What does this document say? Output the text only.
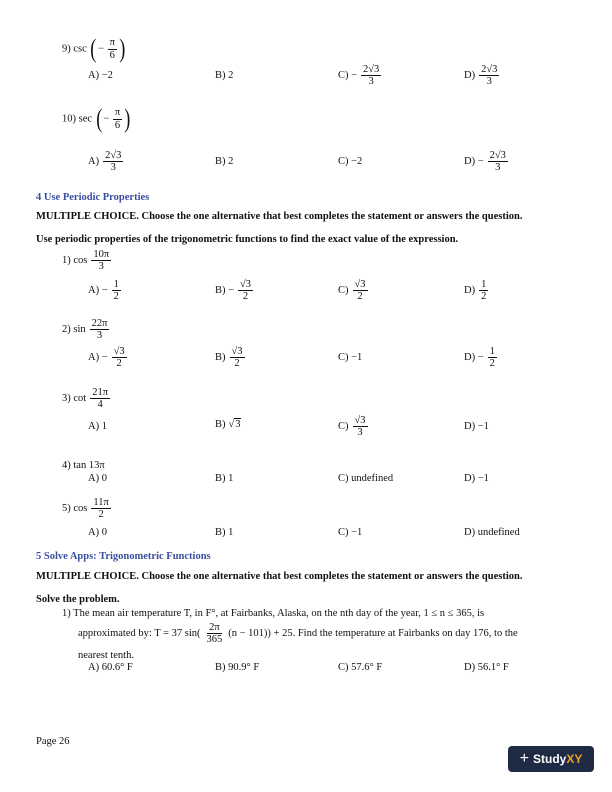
9) csc (− $\frac{\pi}{6}$ )
A) −2	B) 2	$C) - \frac{2√3}{3}$	$D) \frac{2√3}{3}$
10) sec (− $\frac{\pi}{6}$ )
$A) \frac{2√3}{3}$	B) 2	C) −2	$D) - \frac{2√3}{3}$
4 Use Periodic Properties
MULTIPLE CHOICE. Choose the one alternative that best completes the statement or answers the question.
Use periodic properties of the trigonometric functions to find the exact value of the expression.
1) $\cos \frac{10\pi}{3}$
$A) - \frac{1}{2}$	$B) - \frac{√3}{2}$	$C) \frac{√3}{2}$	$D) \frac{1}{2}$
2) $\sin \frac{22\pi}{3}$
$A) - \frac{√3}{2}$	$B) \frac{√3}{2}$	C) −1	$D) - \frac{1}{2}$
3) $\cot \frac{21\pi}{4}$
A) 1	B) √3	$C) \frac{√3}{3}$	D) −1
4) tan 13π
A) 0	B) 1	C) undefined	D) −1
5) $\cos \frac{11\pi}{2}$
A) 0	B) 1	C) −1	D) undefined
5 Solve Apps: Trigonometric Functions
MULTIPLE CHOICE. Choose the one alternative that best completes the statement or answers the question.
Solve the problem.
1) The mean air temperature T, in F°, at Fairbanks, Alaska, on the nth day of the year, 1 ≤ n ≤ 365, is
approximated by: T = 37 $\sin( \frac{2\pi}{365} (n - 101)) + 25$. Find the temperature at Fairbanks on day 176, to the
nearest tenth.
A) 60.6° F	B) 90.9° F	C) 57.6° F	D) 56.1° F
Page 26
+ StudyXY
